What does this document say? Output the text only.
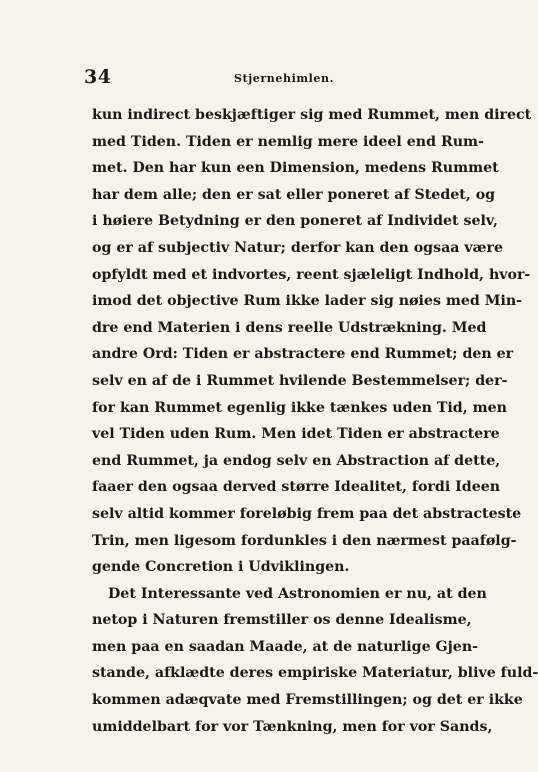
34	Stjernehimlen.
kun indirect beskjæftiger sig med Rummet, men direct
med Tiden. Tiden er nemlig mere ideel end Rum-
met. Den har kun een Dimension, medens Rummet
har dem alle; den er sat eller poneret af Stedet, og
i høiere Betydning er den poneret af Individet selv,
og er af subjectiv Natur; derfor kan den ogsaa være
opfyldt med et indvortes, reent sjæleligt Indhold, hvor-
imod det objective Rum ikke lader sig nøies med Min-
dre end Materien i dens reelle Udstrækning. Med
andre Ord: Tiden er abstractere end Rummet; den er
selv en af de i Rummet hvilende Bestemmelser; der-
for kan Rummet egenlig ikke tænkes uden Tid, men
vel Tiden uden Rum. Men idet Tiden er abstractere
end Rummet, ja endog selv en Abstraction af dette,
faaer den ogsaa derved større Idealitet, fordi Ideen
selv altid kommer foreløbig frem paa det abstracteste
Trin, men ligesom fordunkles i den nærmest paafølg-
gende Concretion i Udviklingen.
Det Interessante ved Astronomien er nu, at den
netop i Naturen fremstiller os denne Idealisme,
men paa en saadan Maade, at de naturlige Gjen-
stande, afklædte deres empiriske Materiatur, blive fuld-
kommen adæqvate med Fremstillingen; og det er ikke
umiddelbart for vor Tænkning, men for vor Sands,
